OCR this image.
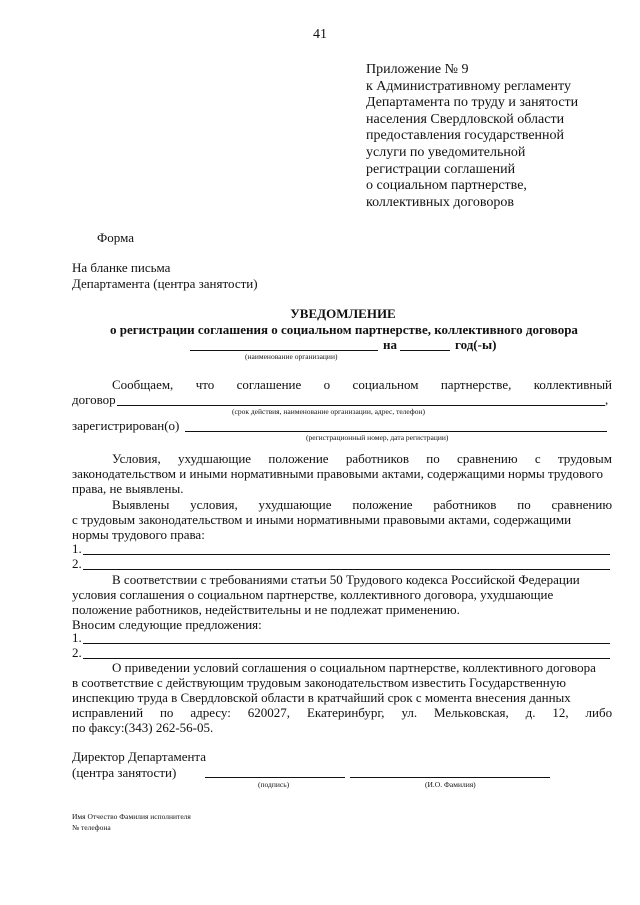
41
Приложение № 9
к Административному регламенту
Департамента по труду и занятости
населения Свердловской области
предоставления государственной
услуги по уведомительной
регистрации соглашений
о социальном партнерстве,
коллективных договоров
Форма
На бланке письма
Департамента (центра занятости)
УВЕДОМЛЕНИЕ
о регистрации соглашения о социальном партнерстве, коллективного договора
на	год(-ы)
(наименование организации)
Сообщаем, что соглашение о социальном партнерстве, коллективный
договор	,
(срок действия, наименование организации, адрес, телефон)
зарегистрирован(о)
(регистрационный номер, дата регистрации)
Условия, ухудшающие положение работников по сравнению с трудовым
законодательством и иными нормативными правовыми актами, содержащими нормы трудового
права, не выявлены.
Выявлены условия, ухудшающие положение работников по сравнению
с трудовым законодательством и иными нормативными правовыми актами, содержащими
нормы трудового права:
1.
2.
В соответствии с требованиями статьи 50 Трудового кодекса Российской Федерации
условия соглашения о социальном партнерстве, коллективного договора, ухудшающие
положение работников, недействительны и не подлежат применению.
Вносим следующие предложения:
1.
2.
О приведении условий соглашения о социальном партнерстве, коллективного договора
в соответствие с действующим трудовым законодательством известить Государственную
инспекцию труда в Свердловской области в кратчайший срок с момента внесения данных
исправлений по адресу: 620027, Екатеринбург, ул. Мельковская, д. 12, либо
по факсу:(343) 262-56-05.
Директор Департамента
(центра занятости)
(подпись)	(И.О. Фамилия)
Имя Отчество Фамилия исполнителя
№ телефона
